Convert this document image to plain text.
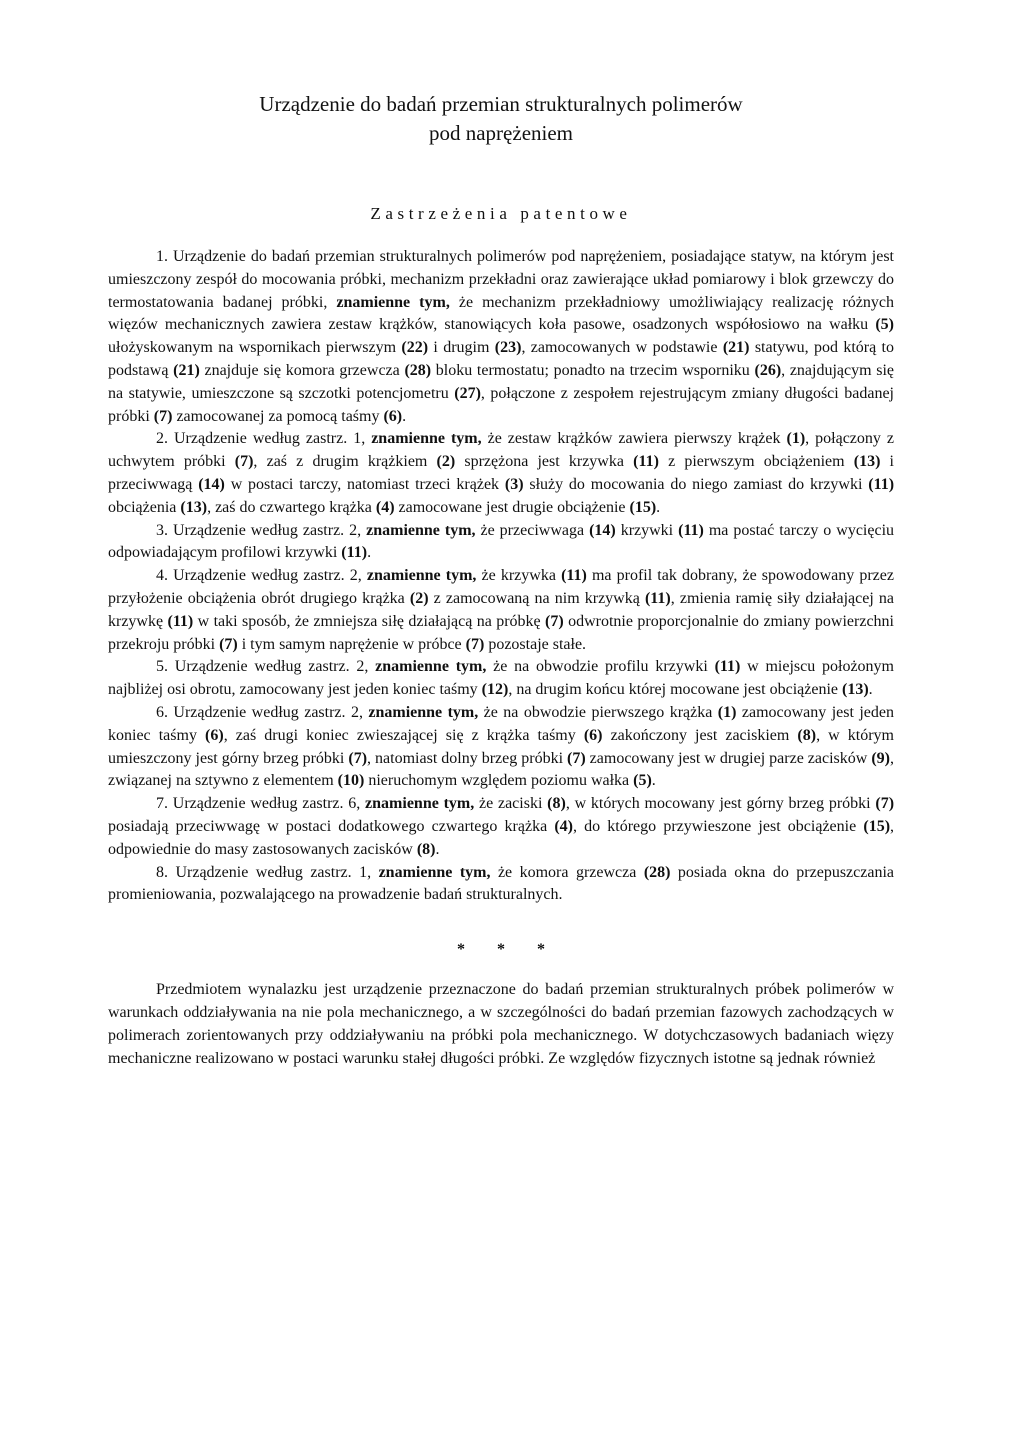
Urządzenie do badań przemian strukturalnych polimerów
pod naprężeniem
Zastrzeżenia patentowe

1. Urządzenie do badań przemian strukturalnych polimerów pod naprężeniem, posiadające statyw, na którym jest umieszczony zespół do mocowania próbki, mechanizm przekładni oraz zawierające układ pomiarowy i blok grzewczy do termostatowania badanej próbki, znamienne tym, że mechanizm przekładniowy umożliwiający realizację różnych więzów mechanicznych zawiera zestaw krążków, stanowiących koła pasowe, osadzonych współosiowo na wałku (5) ułożyskowanym na wspornikach pierwszym (22) i drugim (23), zamocowanych w podstawie (21) statywu, pod którą to podstawą (21) znajduje się komora grzewcza (28) bloku termostatu; ponadto na trzecim wsporniku (26), znajdującym się na statywie, umieszczone są szczotki potencjometru (27), połączone z zespołem rejestrującym zmiany długości badanej próbki (7) zamocowanej za pomocą taśmy (6).

2. Urządzenie według zastrz. 1, znamienne tym, że zestaw krążków zawiera pierwszy krążek (1), połączony z uchwytem próbki (7), zaś z drugim krążkiem (2) sprzężona jest krzywka (11) z pierwszym obciążeniem (13) i przeciwwagą (14) w postaci tarczy, natomiast trzeci krążek (3) służy do mocowania do niego zamiast do krzywki (11) obciążenia (13), zaś do czwartego krążka (4) zamocowane jest drugie obciążenie (15).

3. Urządzenie według zastrz. 2, znamienne tym, że przeciwwaga (14) krzywki (11) ma postać tarczy o wycięciu odpowiadającym profilowi krzywki (11).

4. Urządzenie według zastrz. 2, znamienne tym, że krzywka (11) ma profil tak dobrany, że spowodowany przez przyłożenie obciążenia obrót drugiego krążka (2) z zamocowaną na nim krzywką (11), zmienia ramię siły działającej na krzywkę (11) w taki sposób, że zmniejsza siłę działającą na próbkę (7) odwrotnie proporcjonalnie do zmiany powierzchni przekroju próbki (7) i tym samym naprężenie w próbce (7) pozostaje stałe.

5. Urządzenie według zastrz. 2, znamienne tym, że na obwodzie profilu krzywki (11) w miejscu położonym najbliżej osi obrotu, zamocowany jest jeden koniec taśmy (12), na drugim końcu której mocowane jest obciążenie (13).

6. Urządzenie według zastrz. 2, znamienne tym, że na obwodzie pierwszego krążka (1) zamocowany jest jeden koniec taśmy (6), zaś drugi koniec zwieszającej się z krążka taśmy (6) zakończony jest zaciskiem (8), w którym umieszczony jest górny brzeg próbki (7), natomiast dolny brzeg próbki (7) zamocowany jest w drugiej parze zacisków (9), związanej na sztywno z elementem (10) nieruchomym względem poziomu wałka (5).

7. Urządzenie według zastrz. 6, znamienne tym, że zaciski (8), w których mocowany jest górny brzeg próbki (7) posiadają przeciwwagę w postaci dodatkowego czwartego krążka (4), do którego przywieszone jest obciążenie (15), odpowiednie do masy zastosowanych zacisków (8).

8. Urządzenie według zastrz. 1, znamienne tym, że komora grzewcza (28) posiada okna do przepuszczania promieniowania, pozwalającego na prowadzenie badań strukturalnych.

* * *

Przedmiotem wynalazku jest urządzenie przeznaczone do badań przemian strukturalnych próbek polimerów w warunkach oddziaływania na nie pola mechanicznego, a w szczególności do badań przemian fazowych zachodzących w polimerach zorientowanych przy oddziaływaniu na próbki pola mechanicznego. W dotychczasowych badaniach więzy mechaniczne realizowano w postaci warunku stałej długości próbki. Ze względów fizycznych istotne są jednak również
